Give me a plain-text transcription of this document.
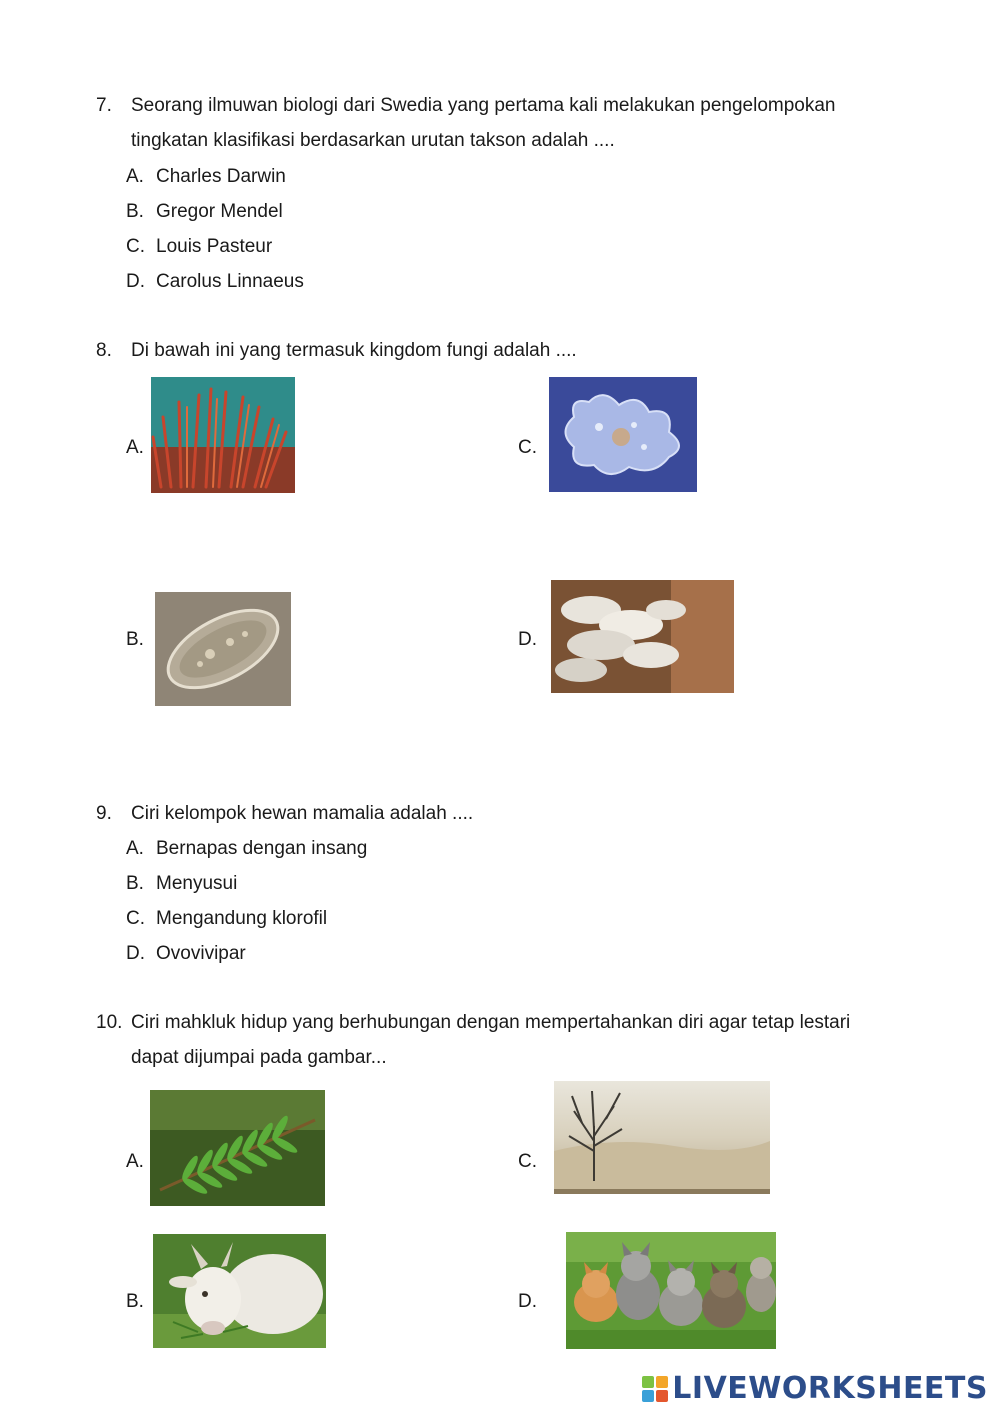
7. Seorang ilmuwan biologi dari Swedia yang pertama kali melakukan pengelompokan
tingkatan klasifikasi berdasarkan urutan takson adalah ....
A. Charles Darwin
B. Gregor Mendel
C. Louis Pasteur
D. Carolus Linnaeus
8. Di bawah ini yang termasuk kingdom fungi adalah ....
A.	C.
B.	D.
9. Ciri kelompok hewan mamalia adalah ....
A. Bernapas dengan insang
B. Menyusui
C. Mengandung klorofil
D. Ovovivipar
10. Ciri mahkluk hidup yang berhubungan dengan mempertahankan diri agar tetap lestari
dapat dijumpai pada gambar...
A.	C.
B.	D.
LIVEWORKSHEETS
